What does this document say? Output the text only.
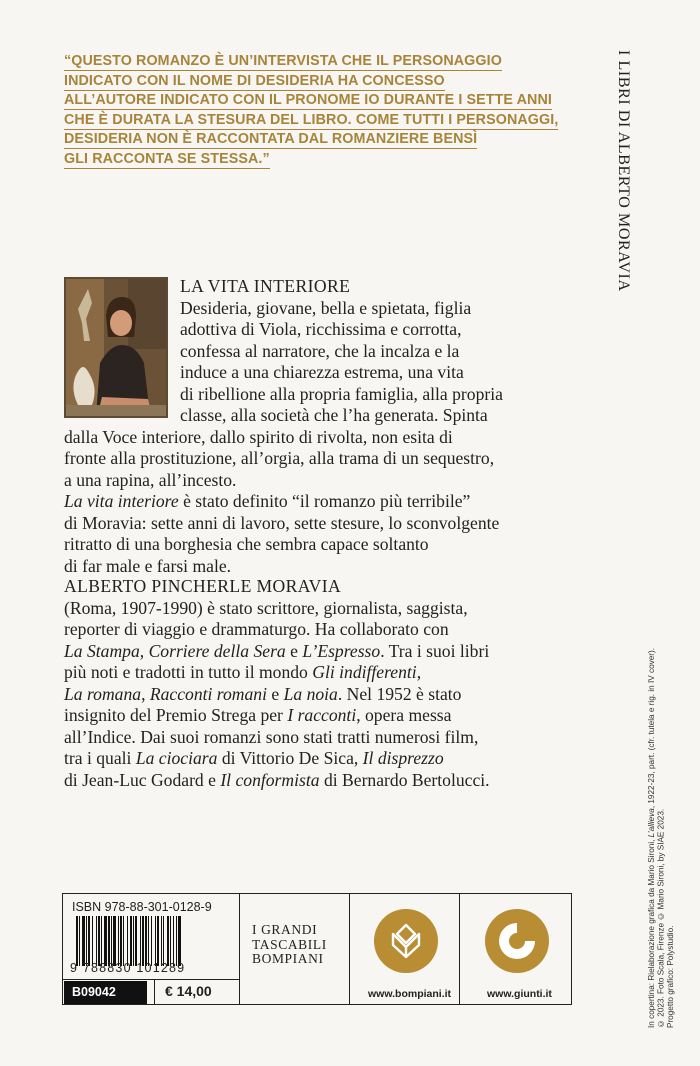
“QUESTO ROMANZO È UN’INTERVISTA CHE IL PERSONAGGIO
INDICATO CON IL NOME DI DESIDERIA HA CONCESSO
ALL’AUTORE INDICATO CON IL PRONOME IO DURANTE I SETTE ANNI
CHE È DURATA LA STESURA DEL LIBRO. COME TUTTI I PERSONAGGI,
DESIDERIA NON È RACCONTATA DAL ROMANZIERE BENSÌ
GLI RACCONTA SE STESSA.”	I LIBRI DI ALBERTO MORAVIA
LA VITA INTERIORE
Desideria, giovane, bella e spietata, figlia
adottiva di Viola, ricchissima e corrotta,
confessa al narratore, che la incalza e la
induce a una chiarezza estrema, una vita
di ribellione alla propria famiglia, alla propria
classe, alla società che l’ha generata. Spinta
dalla Voce interiore, dallo spirito di rivolta, non esita di
fronte alla prostituzione, all’orgia, alla trama di un sequestro,
a una rapina, all’incesto.
La vita interiore è stato definito “il romanzo più terribile”
di Moravia: sette anni di lavoro, sette stesure, lo sconvolgente
ritratto di una borghesia che sembra capace soltanto
di far male e farsi male.
ALBERTO PINCHERLE MORAVIA
(Roma, 1907-1990) è stato scrittore, giornalista, saggista,
reporter di viaggio e drammaturgo. Ha collaborato con
La Stampa, Corriere della Sera e L’Espresso. Tra i suoi libri
più noti e tradotti in tutto il mondo Gli indifferenti,
La romana, Racconti romani e La noia. Nel 1952 è stato
insignito del Premio Strega per I racconti, opera messa
all’Indice. Dai suoi romanzi sono stati tratti numerosi film,
tra i quali La ciociara di Vittorio De Sica, Il disprezzo
di Jean-Luc Godard e Il conformista di Bernardo Bertolucci.
In copertina: Rielaborazione grafica da Mario Sironi, L’allieva, 1922-23, part. (cfr. tutela e rig. in IV cover).
© 2023. Foto Scala, Firenze © Mario Sironi, by SIAE 2023. Progetto grafico: Polystudio.
ISBN 978-88-301-0128-9
9 788830 101289
B09042	€ 14,00
I GRANDI
TASCABILI
BOMPIANI
www.bompiani.it	www.giunti.it
